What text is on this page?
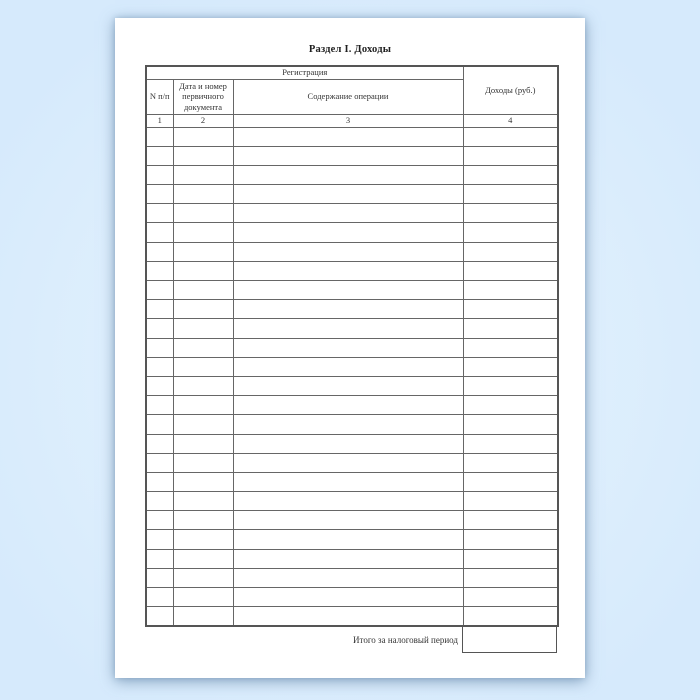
Раздел I. Доходы
Регистрация			Доходы (руб.)
N п/п	Дата и номер первичного документа	Содержание операции	
1	2	3	4

Итого за налоговый период
